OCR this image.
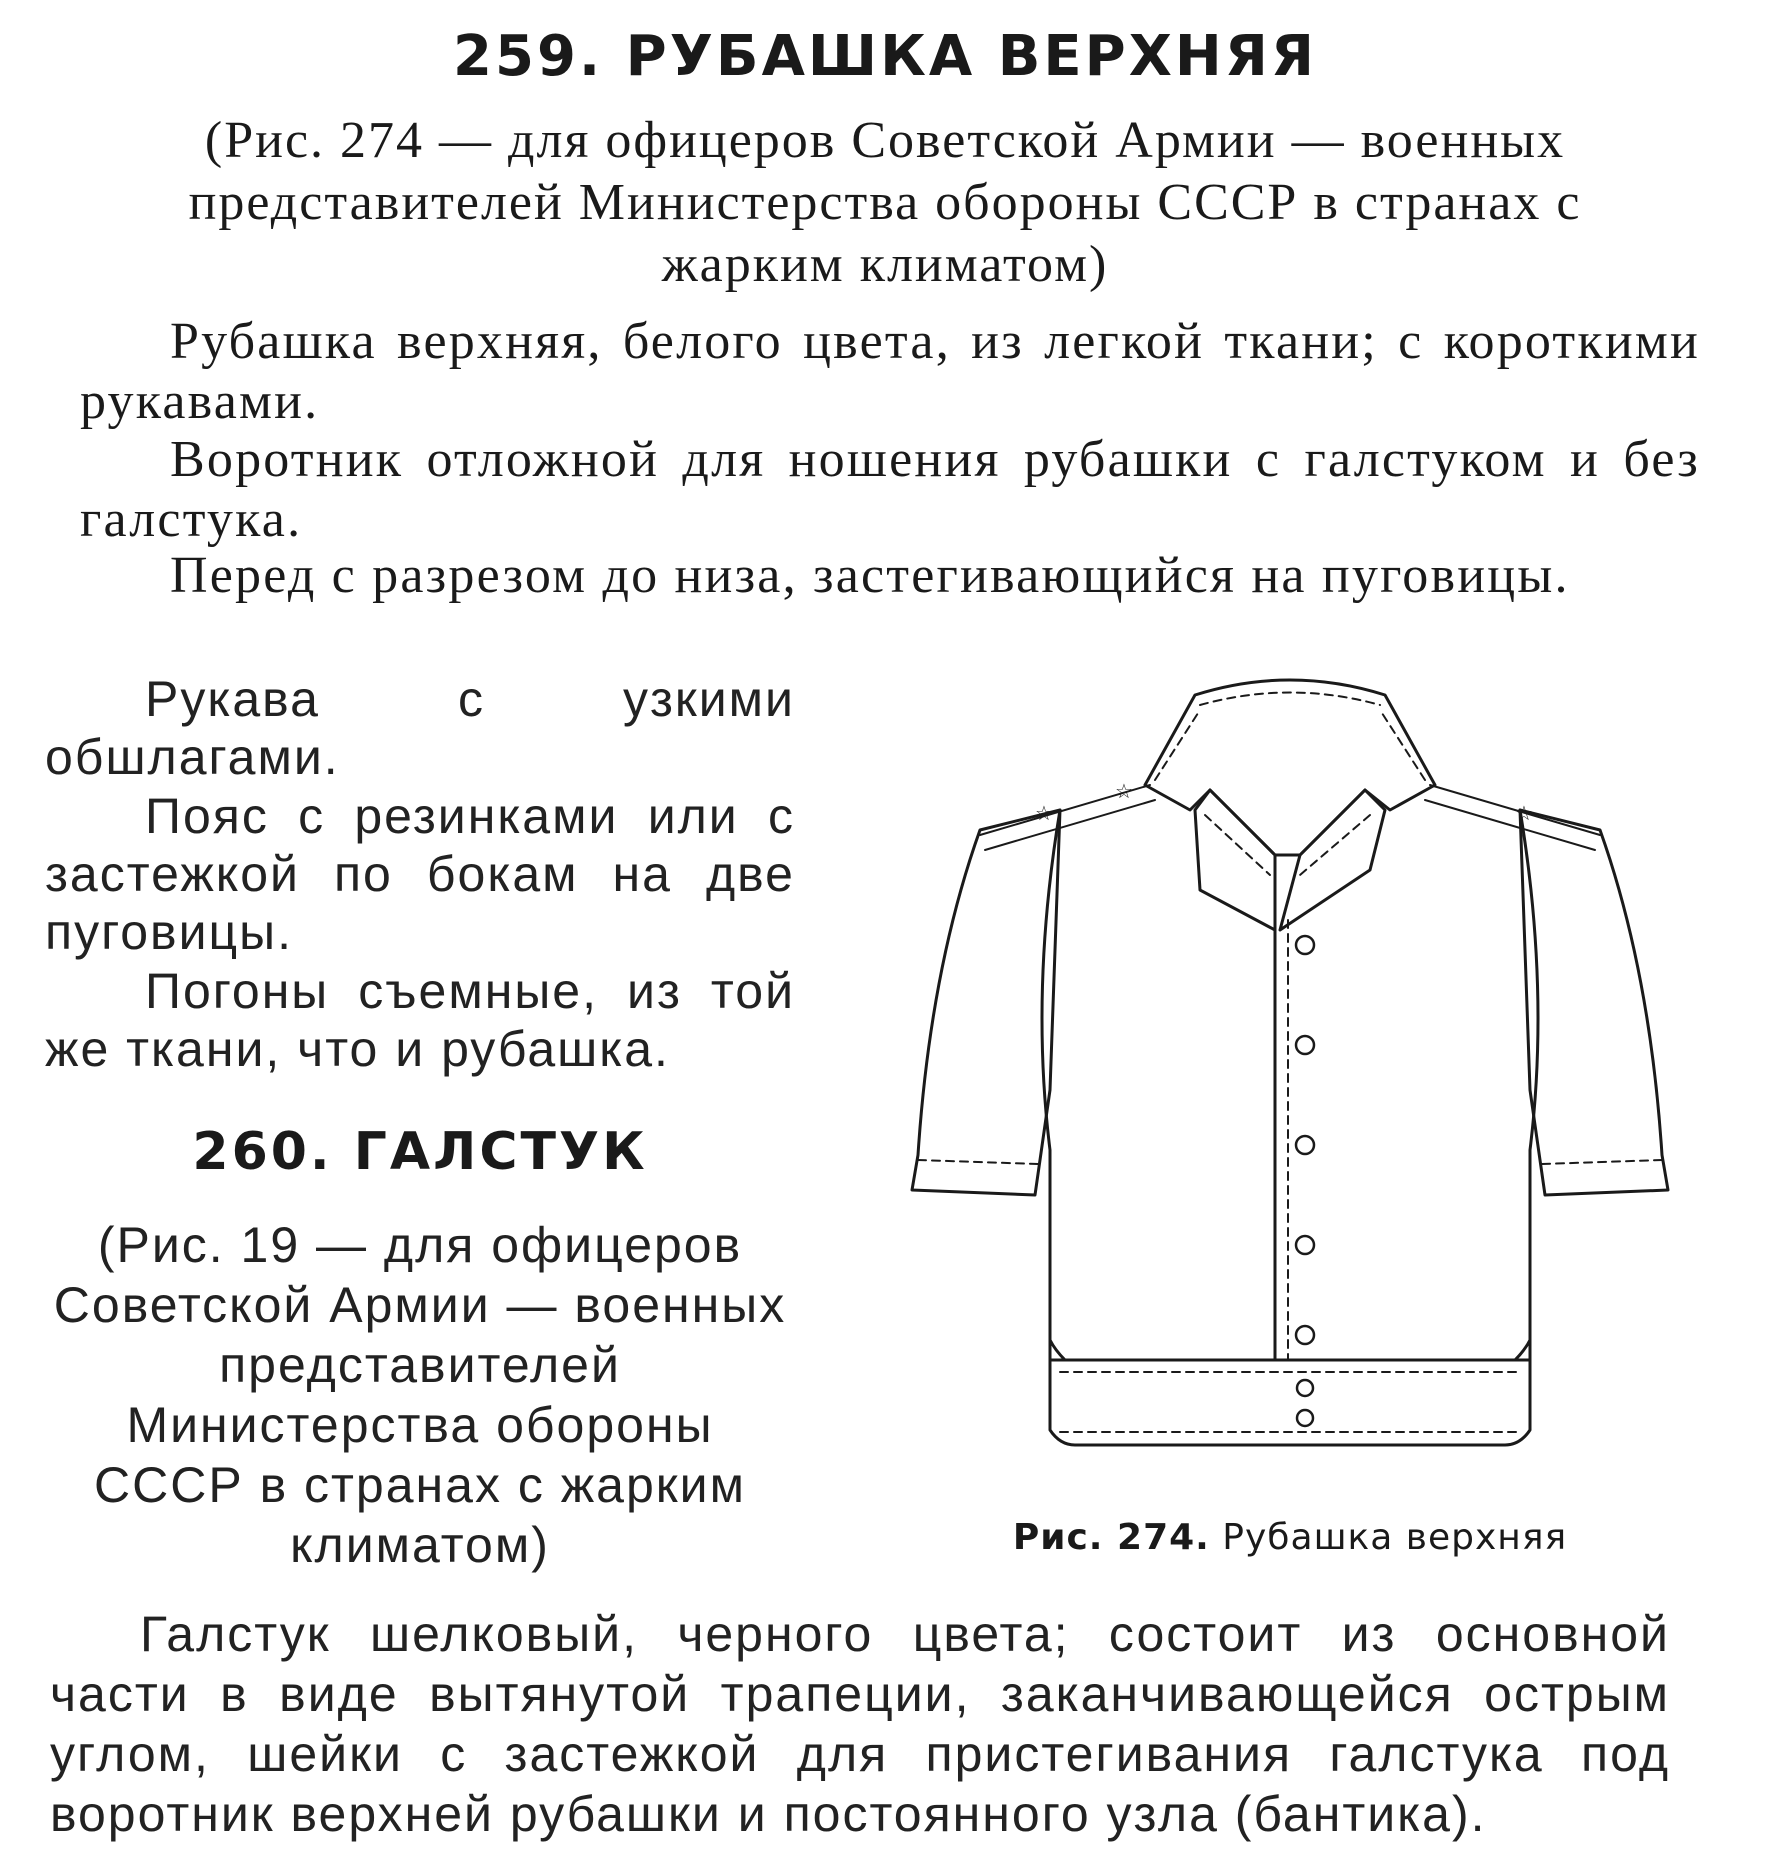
259. РУБАШКА ВЕРХНЯЯ

(Рис. 274 — для офицеров Советской Армии — военных представителей Министерства обороны СССР в странах с жарким климатом)

Рубашка верхняя, белого цвета, из легкой ткани; с короткими рукавами.

Воротник отложной для ношения рубашки с галстуком и без галстука.

Перед с разрезом до низа, застегивающийся на пуговицы.

Рукава с узкими обшлагами.

Пояс с резинками или с застежкой по бокам на две пуговицы.

Погоны съемные, из той же ткани, что и рубашка.

260. ГАЛСТУК

(Рис. 19 — для офицеров Советской Армии — военных представителей Министерства обороны СССР в странах с жарким климатом)

☆
☆
☆

Рис. 274. Рубашка верхняя

Галстук шелковый, черного цвета; состоит из основной части в виде вытянутой трапеции, заканчивающейся острым углом, шейки с застежкой для пристегивания галстука под воротник верхней рубашки и постоянного узла (бантика).
